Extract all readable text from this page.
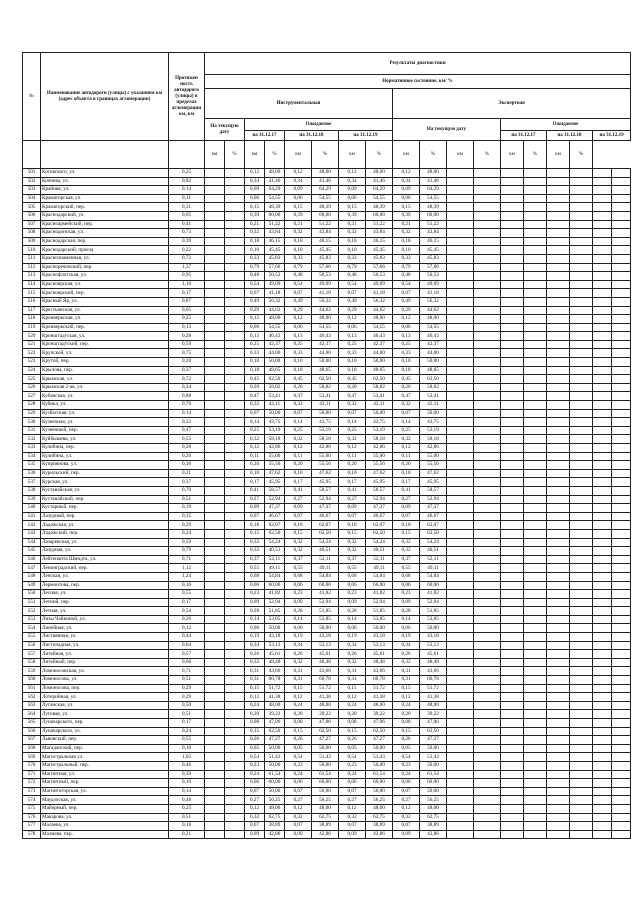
№	Наименование автодороги (улицы) с указанием км (адрес объекта в границах агломерации)	Протяжен ность автодорого (улицы) в пределах агломерации км, км	Результаты диагностики																	
			Нормативное состояние, км/ %																	
			Инструментальная								Экспертная									
			На текущую дату		Ожидаемое						На текущую дату				Ожидаемое					
					на 31.12.17		на 31.12.18		на 31.12.19						на 31.12.17		на 31.12.18		на 31.12.19	
			км	%	км	%	км	%	км	%	км	%	км	%	км	%	км	%		
501	Котовского, ул.	0,25			0,12	48,00	0,12	48,00	0,12	48,00	0,12	48,00								
502	Кочнева, ул.	0,82			0,34	41,46	0,34	41,46	0,34	41,46	0,34	41,46								
503	Крайняя, ул.	0,14			0,09	64,29	0,09	64,29	0,09	64,29	0,09	64,29								
504	Краматорская, ул.	0,11			0,06	54,55	0,06	54,55	0,06	54,55	0,06	54,55								
505	Краматорский, пер.	0,31			0,15	48,39	0,15	48,39	0,15	48,39	0,15	48,39								
506	Краснодарский, ул.	0,65			0,39	60,00	0,39	60,00	0,39	60,00	0,39	60,00								
507	Красноармейский, пер.	0,41			0,21	51,22	0,21	51,22	0,21	51,22	0,21	51,22								
508	Краснодонская, ул.	0,73			0,32	43,84	0,32	43,84	0,32	43,84	0,32	43,84								
509	Краснодарская, пер.	0,39			0,18	46,15	0,18	46,15	0,18	46,15	0,18	46,15								
510	Краснодарский, проезд	0,22			0,10	45,45	0,10	45,45	0,10	45,45	0,10	45,45								
511	Краснознаменная, ул.	0,72			0,33	45,83	0,33	45,83	0,33	45,83	0,33	45,83								
512	Краснореченский, пер.	1,37			0,79	57,66	0,79	57,66	0,79	57,66	0,79	57,66								
513	Краснофлотская, ул.	0,95			0,48	50,53	0,48	50,53	0,48	50,53	0,48	50,53								
514	Красноярская, ул.	1,10			0,54	49,09	0,54	49,09	0,54	49,09	0,54	49,09								
515	Красноярский, пер.	0,17			0,07	41,18	0,07	41,18	0,07	41,18	0,07	41,18								
516	Красный Яр, ул.	0,87			0,49	56,32	0,49	56,32	0,49	56,32	0,49	56,32								
517	Крестьянская, ул.	0,65			0,29	44,62	0,29	44,62	0,29	44,62	0,29	44,62								
518	Кронверкская, ул.	0,25			0,12	48,00	0,12	48,00	0,12	48,00	0,12	48,00								
519	Кронверкский, пер.	0,13			0,06	54,55	0,06	54,55	0,06	54,55	0,06	54,55								
520	Кронштадтская, ул.	0,28			0,13	46,43	0,13	46,43	0,13	46,43	0,13	46,43								
521	Кронштадтский, пер.	0,59			0,25	42,37	0,25	42,37	0,25	42,37	0,25	42,37								
522	Крупской, ул.	0,75			0,33	44,00	0,33	44,00	0,33	44,00	0,33	44,00								
523	Крутой, пер.	0,20			0,10	50,00	0,10	50,00	0,10	50,00	0,10	50,00								
524	Крылова, пер.	0,37			0,18	48,65	0,18	48,65	0,18	48,65	0,18	48,65								
525	Крымская, ул.	0,72			0,45	62,50	0,45	62,50	0,45	62,50	0,45	62,50								
526	Крымская 2-ая, ул.	0,34			0,20	58,82	0,20	58,82	0,20	58,82	0,20	58,82								
527	Кубанская, ул.	0,88			0,47	53,41	0,47	53,41	0,47	53,41	0,47	53,41								
528	Кубика, ул.	0,76			0,32	42,11	0,32	42,11	0,32	42,11	0,32	42,11								
529	Кузбасская, ул.	0,14			0,07	50,00	0,07	50,00	0,07	50,00	0,07	50,00								
530	Кузнечная, ул.	0,32			0,14	43,75	0,14	43,75	0,14	43,75	0,14	43,75								
531	Кузнечный, пер.	0,47			0,25	53,19	0,25	53,19	0,25	53,19	0,25	53,19								
532	Куйбышева, ул.	0,55			0,32	58,18	0,32	58,18	0,32	58,18	0,32	58,18								
533	Кулибина, пер.	0,28			0,12	42,86	0,12	42,86	0,12	42,86	0,12	42,86								
534	Кулибина, ул.	0,20			0,11	55,00	0,11	55,00	0,11	55,00	0,11	55,00								
535	Куприянова, ул.	0,36			0,20	55,56	0,20	55,56	0,20	55,56	0,20	55,56								
536	Курильский, пер.	0,21			0,10	47,62	0,10	47,62	0,10	47,62	0,10	47,62								
537	Курская, ул.	0,37			0,17	45,95	0,17	45,95	0,17	45,95	0,17	45,95								
538	Кустанайская, ул.	0,70			0,41	58,57	0,41	58,57	0,41	58,57	0,41	58,57								
539	Кустанайский, пер.	0,51			0,27	52,94	0,27	52,94	0,27	52,94	0,27	52,94								
540	Кустарный, пер.	0,19			0,09	47,37	0,09	47,37	0,09	47,37	0,09	47,37								
541	Лазурный, пер.	0,15			0,07	46,67	0,07	46,67	0,07	46,67	0,07	46,67								
542	Ладожская, ул.	0,29			0,18	62,07	0,18	62,07	0,18	62,07	0,18	62,07								
543	Ладожский, пер.	0,24			0,15	62,50	0,15	62,50	0,15	62,50	0,15	62,50								
544	Лазаревская, ул.	0,59			0,32	54,24	0,32	54,24	0,32	54,24	0,32	54,24								
545	Лазурная, ул.	0,79			0,32	40,51	0,32	40,51	0,32	40,51	0,32	40,51								
546	Лейтенанта Шмидта, ул.	0,71			0,37	52,11	0,37	52,11	0,37	52,11	0,37	52,11								
547	Ленинградский, пер.	1,12			0,55	49,11	0,55	49,11	0,55	49,11	0,55	49,11								
548	Ленская, ул.	1,24			0,68	54,84	0,68	54,84	0,68	54,84	0,68	54,84								
549	Лермонтова, пер.	0,10			0,06	60,00	0,06	60,00	0,06	60,00	0,06	60,00								
550	Лесная, ул.	0,55			0,23	41,82	0,23	41,82	0,23	41,82	0,23	41,82								
551	Летний, пер.	0,17			0,09	52,94	0,09	52,94	0,09	52,94	0,09	52,94								
552	Летная, ул.	0,54			0,28	51,85	0,28	51,85	0,28	51,85	0,28	51,85								
553	Лизы Чайкиной, ул.	0,26			0,14	53,85	0,14	53,85	0,14	53,85	0,14	53,85								
554	Линейная, ул.	0,12			0,06	50,00	0,06	50,00	0,06	50,00	0,06	50,00								
555	Листвянная, ул.	0,44			0,19	43,18	0,19	43,18	0,19	43,18	0,19	43,18								
556	Листопадная, ул.	0,64			0,34	53,13	0,34	53,13	0,34	53,13	0,34	53,13								
557	Литейная, ул.	0,57			0,26	45,61	0,26	45,61	0,26	45,61	0,26	45,61								
558	Литейный, пер.	0,66			0,32	48,48	0,32	48,48	0,32	48,48	0,32	48,48								
559	Ломоносовская, ул.	0,71			0,31	43,66	0,31	43,66	0,31	43,66	0,31	43,66								
560	Ломоносова, ул.	0,51			0,31	60,78	0,31	60,78	0,31	60,78	0,31	60,78								
561	Ломоносова, пер.	0,29			0,15	51,72	0,15	51,72	0,15	51,72	0,15	51,72								
562	Лотерийная, ул.	0,29			0,12	41,38	0,12	41,38	0,12	41,38	0,12	41,38								
563	Луганская, ул.	0,50			0,24	48,00	0,24	48,00	0,24	48,00	0,24	48,00								
564	Луговая, ул.	0,51			0,20	39,22	0,20	39,22	0,20	39,22	0,20	39,22								
565	Луначарского, пер.	0,17			0,08	47,06	0,08	47,06	0,08	47,06	0,08	47,06								
566	Луначарского, ул.	0,24			0,15	62,50	0,15	62,50	0,15	62,50	0,15	62,50								
567	Львовский, пер.	0,55			0,26	47,27	0,26	47,27	0,26	47,27	0,26	47,27								
568	Магаданский, пер.	0,10			0,05	50,00	0,05	50,00	0,05	50,00	0,05	50,00								
569	Магистральная ул.	1,05			0,54	51,43	0,54	51,43	0,54	51,43	0,54	51,43								
570	Магистральный, пер.	0,46			0,23	50,00	0,23	50,00	0,23	50,00	0,23	50,00								
571	Магнитная, ул.	0,39			0,24	61,54	0,24	61,54	0,24	61,54	0,24	61,54								
572	Магнитный, пер.	0,10			0,06	60,00	0,06	60,00	0,06	60,00	0,06	60,00								
573	Магнитогорская, ул.	0,14			0,07	50,00	0,07	50,00	0,07	50,00	0,07	50,00								
574	Маудзоская, ул.	0,48			0,27	56,25	0,27	56,25	0,27	56,25	0,27	56,25								
575	Майорный, пер.	0,25			0,12	48,00	0,12	48,00	0,12	48,00	0,12	48,00								
576	Макарова, ул.	0,51			0,32	62,75	0,32	62,75	0,32	62,75	0,32	62,75								
577	Малаева, ул.	0,18			0,07	38,89	0,07	38,89	0,07	38,89	0,07	38,89								
578	Малиева, пер.	0,21			0,09	42,86	0,09	42,86	0,09	42,86	0,09	42,86								
